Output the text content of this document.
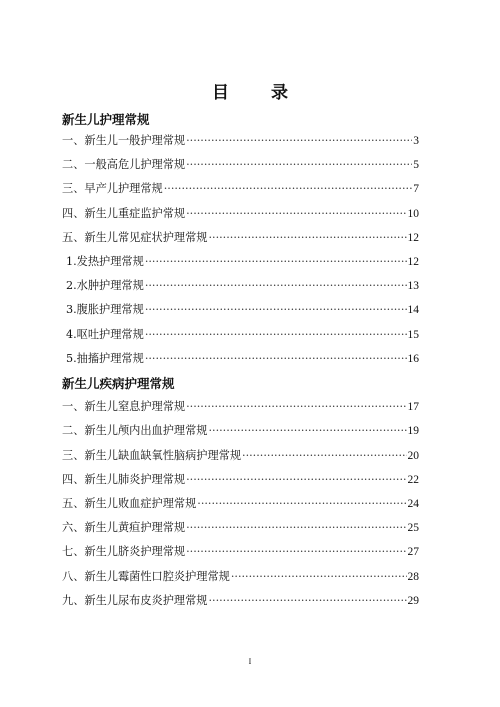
目 录
新生儿护理常规
一、新生儿一般护理常规 ·····	3
二、一般高危儿护理常规 ·····	5
三、早产儿护理常规 ·····	7
四、新生儿重症监护常规 ·····	10
五、新生儿常见症状护理常规 ·····	12
1.发热护理常规 ·····	12
2.水肿护理常规 ·····	13
3.腹胀护理常规 ·····	14
4.呕吐护理常规 ·····	15
5.抽搐护理常规 ·····	16
新生儿疾病护理常规
一、新生儿窒息护理常规 ·····	17
二、新生儿颅内出血护理常规 ·····	19
三、新生儿缺血缺氧性脑病护理常规 ·····	20
四、新生儿肺炎护理常规 ·····	22
五、新生儿败血症护理常规 ·····	24
六、新生儿黄疸护理常规 ·····	25
七、新生儿脐炎护理常规 ·····	27
八、新生儿霉菌性口腔炎护理常规 ·····	28
九、新生儿尿布皮炎护理常规 ·····	29
I
